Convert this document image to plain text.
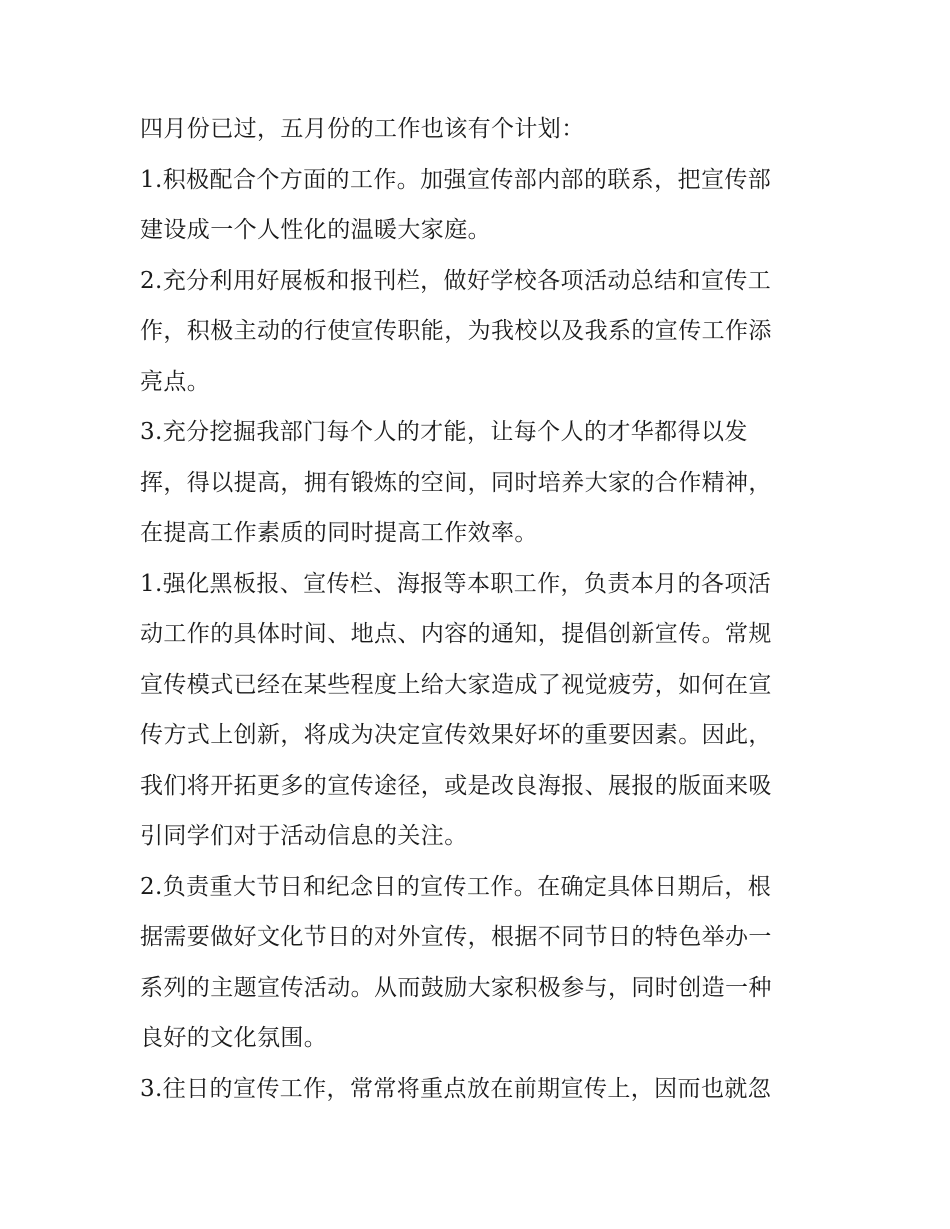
四月份已过，五月份的工作也该有个计划：
1.积极配合个方面的工作。加强宣传部内部的联系，把宣传部
建设成一个人性化的温暖大家庭。
2.充分利用好展板和报刊栏，做好学校各项活动总结和宣传工
作，积极主动的行使宣传职能，为我校以及我系的宣传工作添
亮点。
3.充分挖掘我部门每个人的才能，让每个人的才华都得以发
挥，得以提高，拥有锻炼的空间，同时培养大家的合作精神，
在提高工作素质的同时提高工作效率。
1.强化黑板报、宣传栏、海报等本职工作，负责本月的各项活
动工作的具体时间、地点、内容的通知，提倡创新宣传。常规
宣传模式已经在某些程度上给大家造成了视觉疲劳，如何在宣
传方式上创新，将成为决定宣传效果好坏的重要因素。因此，
我们将开拓更多的宣传途径，或是改良海报、展报的版面来吸
引同学们对于活动信息的关注。
2.负责重大节日和纪念日的宣传工作。在确定具体日期后，根
据需要做好文化节日的对外宣传，根据不同节日的特色举办一
系列的主题宣传活动。从而鼓励大家积极参与，同时创造一种
良好的文化氛围。
3.往日的宣传工作，常常将重点放在前期宣传上，因而也就忽
